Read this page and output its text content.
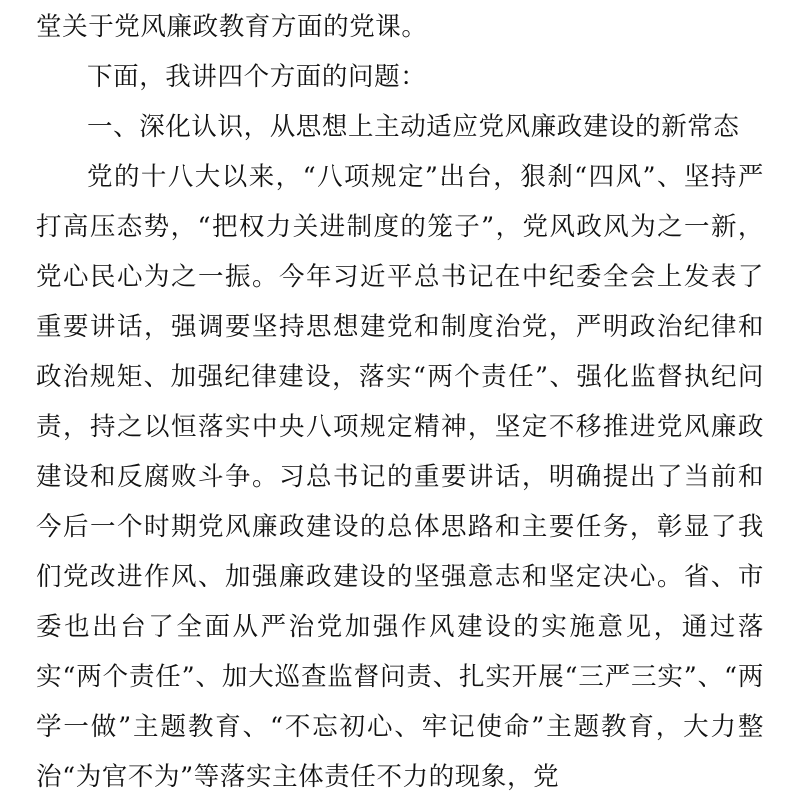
堂关于党风廉政教育方面的党课。

下面，我讲四个方面的问题：

一、深化认识，从思想上主动适应党风廉政建设的新常态

党的十八大以来，“八项规定”出台，狠刹“四风”、坚持严打高压态势，“把权力关进制度的笼子”，党风政风为之一新，党心民心为之一振。今年习近平总书记在中纪委全会上发表了重要讲话，强调要坚持思想建党和制度治党，严明政治纪律和政治规矩、加强纪律建设，落实“两个责任”、强化监督执纪问责，持之以恒落实中央八项规定精神，坚定不移推进党风廉政建设和反腐败斗争。习总书记的重要讲话，明确提出了当前和今后一个时期党风廉政建设的总体思路和主要任务，彰显了我们党改进作风、加强廉政建设的坚强意志和坚定决心。省、市委也出台了全面从严治党加强作风建设的实施意见，通过落实“两个责任”、加大巡查监督问责、扎实开展“三严三实”、“两学一做”主题教育、“不忘初心、牢记使命”主题教育，大力整治“为官不为”等落实主体责任不力的现象，党
